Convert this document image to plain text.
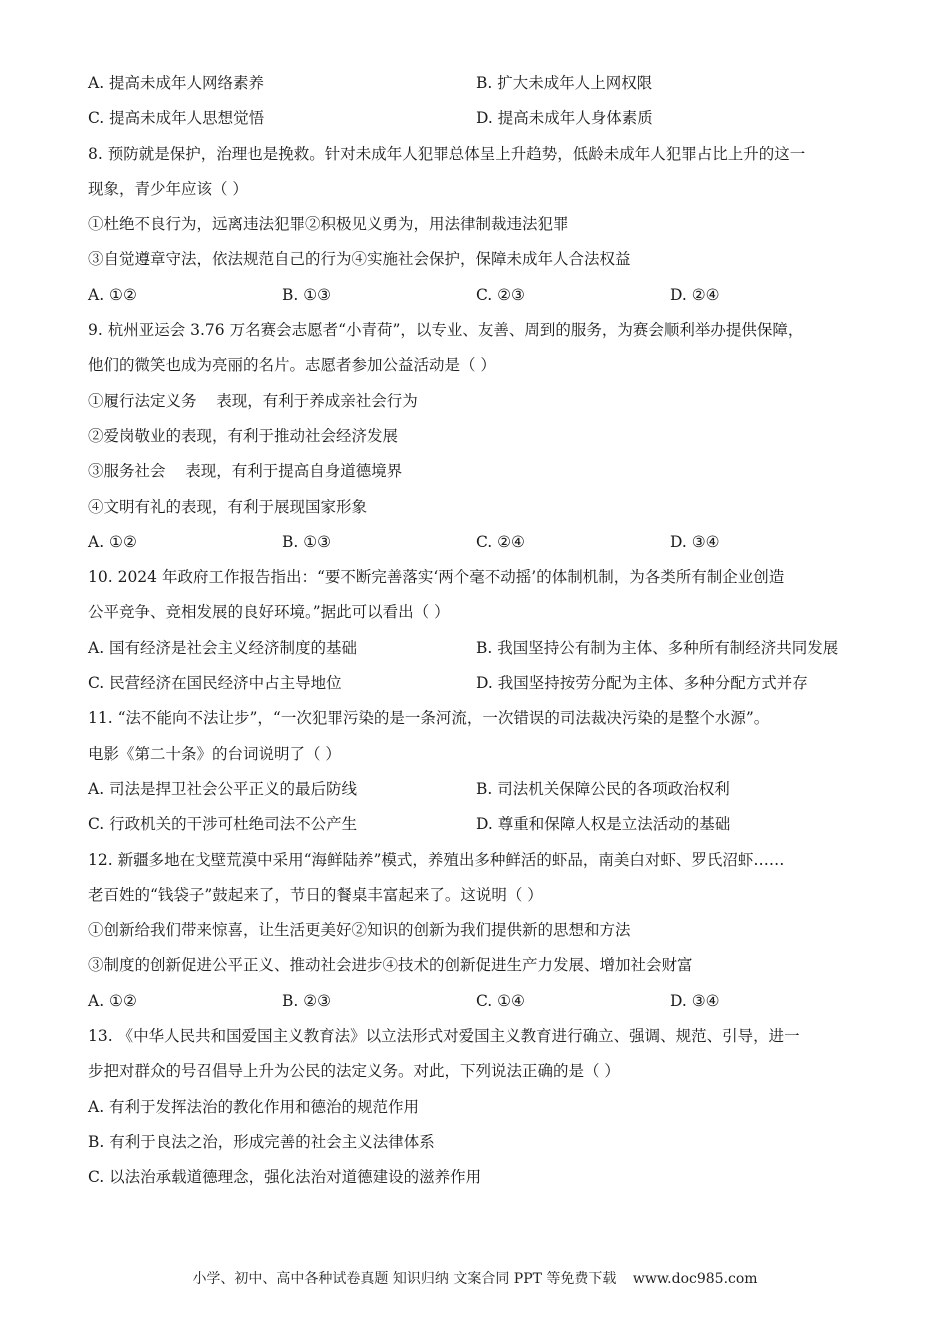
A. 提高未成年人网络素养	B. 扩大未成年人上网权限
C. 提高未成年人思想觉悟	D. 提高未成年人身体素质
8. 预防就是保护，治理也是挽救。针对未成年人犯罪总体呈上升趋势，低龄未成年人犯罪占比上升的这一
现象，青少年应该（ ）
①杜绝不良行为，远离违法犯罪②积极见义勇为，用法律制裁违法犯罪
③自觉遵章守法，依法规范自己的行为④实施社会保护，保障未成年人合法权益
A. ①②	B. ①③	C. ②③	D. ②④
9. 杭州亚运会 3.76 万名赛会志愿者“小青荷”，以专业、友善、周到的服务，为赛会顺利举办提供保障，
他们的微笑也成为亮丽的名片。志愿者参加公益活动是（ ）
①履行法定义务    表现，有利于养成亲社会行为
②爱岗敬业的表现，有利于推动社会经济发展
③服务社会    表现，有利于提高自身道德境界
④文明有礼的表现，有利于展现国家形象
A. ①②	B. ①③	C. ②④	D. ③④
10. 2024 年政府工作报告指出：“要不断完善落实‘两个毫不动摇’的体制机制，为各类所有制企业创造
公平竞争、竞相发展的良好环境。”据此可以看出（ ）
A. 国有经济是社会主义经济制度的基础	B. 我国坚持公有制为主体、多种所有制经济共同发展
C. 民营经济在国民经济中占主导地位	D. 我国坚持按劳分配为主体、多种分配方式并存
11. “法不能向不法让步”，“一次犯罪污染的是一条河流，一次错误的司法裁决污染的是整个水源”。
电影《第二十条》的台词说明了（ ）
A. 司法是捍卫社会公平正义的最后防线	B. 司法机关保障公民的各项政治权利
C. 行政机关的干涉可杜绝司法不公产生	D. 尊重和保障人权是立法活动的基础
12. 新疆多地在戈壁荒漠中采用“海鲜陆养”模式，养殖出多种鲜活的虾品，南美白对虾、罗氏沼虾……
老百姓的“钱袋子”鼓起来了，节日的餐桌丰富起来了。这说明（ ）
①创新给我们带来惊喜，让生活更美好②知识的创新为我们提供新的思想和方法
③制度的创新促进公平正义、推动社会进步④技术的创新促进生产力发展、增加社会财富
A. ①②	B. ②③	C. ①④	D. ③④
13. 《中华人民共和国爱国主义教育法》以立法形式对爱国主义教育进行确立、强调、规范、引导，进一
步把对群众的号召倡导上升为公民的法定义务。对此，下列说法正确的是（ ）
A. 有利于发挥法治的教化作用和德治的规范作用
B. 有利于良法之治，形成完善的社会主义法律体系
C. 以法治承载道德理念，强化法治对道德建设的滋养作用
小学、初中、高中各种试卷真题 知识归纳 文案合同 PPT 等免费下载 www.doc985.com
